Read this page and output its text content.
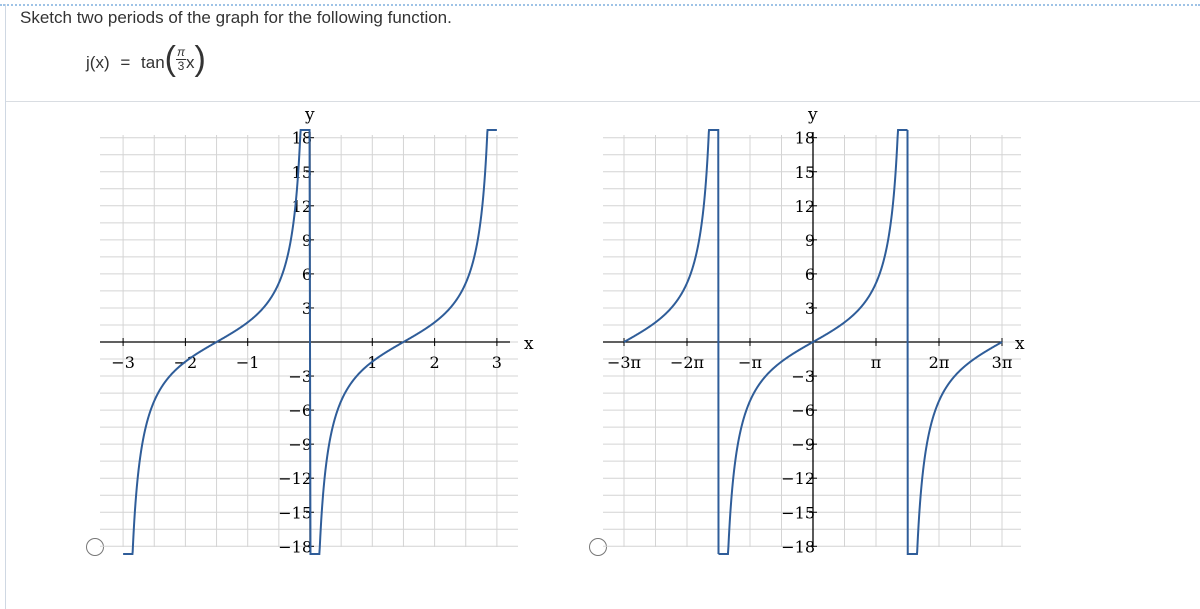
Sketch two periods of the graph for the following function.
$j(x) = \tan( \frac{\pi}{3} x)$
x
y
−3 −2 −1	1	2	3
3
6
9
12
15
18
−3
−6
−9
−12
−15
−18
x
y
−3π −2π −π	π	2π	3π
3
6
9
12
15
18
−3
−6
−9
−12
−15
−18
